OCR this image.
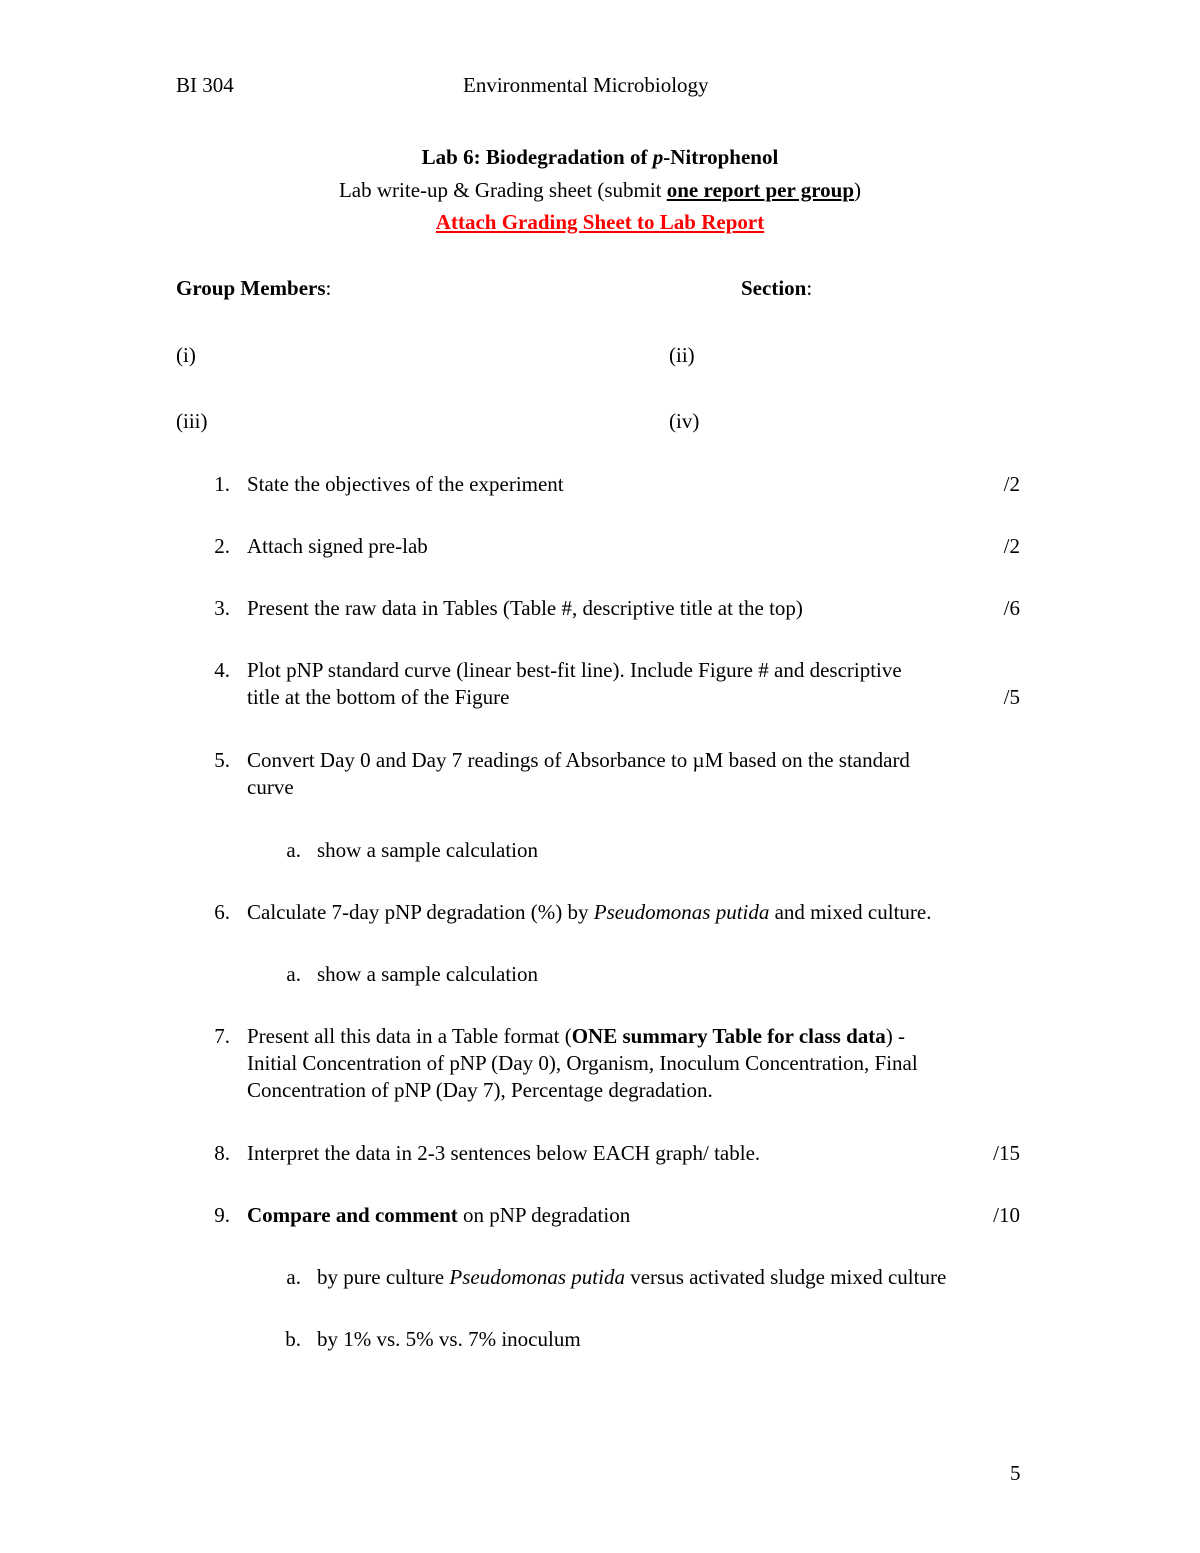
BI 304	Environmental Microbiology
Lab 6: Biodegradation of p-Nitrophenol
Lab write-up & Grading sheet (submit one report per group)
Attach Grading Sheet to Lab Report
Group Members:	Section:
(i)	(ii)
(iii)	(iv)
1. State the objectives of the experiment	/2
2. Attach signed pre-lab	/2
3. Present the raw data in Tables (Table #, descriptive title at the top)	/6
4. Plot pNP standard curve (linear best-fit line). Include Figure # and descriptive
title at the bottom of the Figure	/5
5. Convert Day 0 and Day 7 readings of Absorbance to µM based on the standard
curve
a. show a sample calculation
6. Calculate 7-day pNP degradation (%) by Pseudomonas putida and mixed culture.
a. show a sample calculation
7. Present all this data in a Table format (ONE summary Table for class data) -
Initial Concentration of pNP (Day 0), Organism, Inoculum Concentration, Final
Concentration of pNP (Day 7), Percentage degradation.
8. Interpret the data in 2-3 sentences below EACH graph/ table.	/15
9. Compare and comment on pNP degradation	/10
a. by pure culture Pseudomonas putida versus activated sludge mixed culture
b. by 1% vs. 5% vs. 7% inoculum
5
